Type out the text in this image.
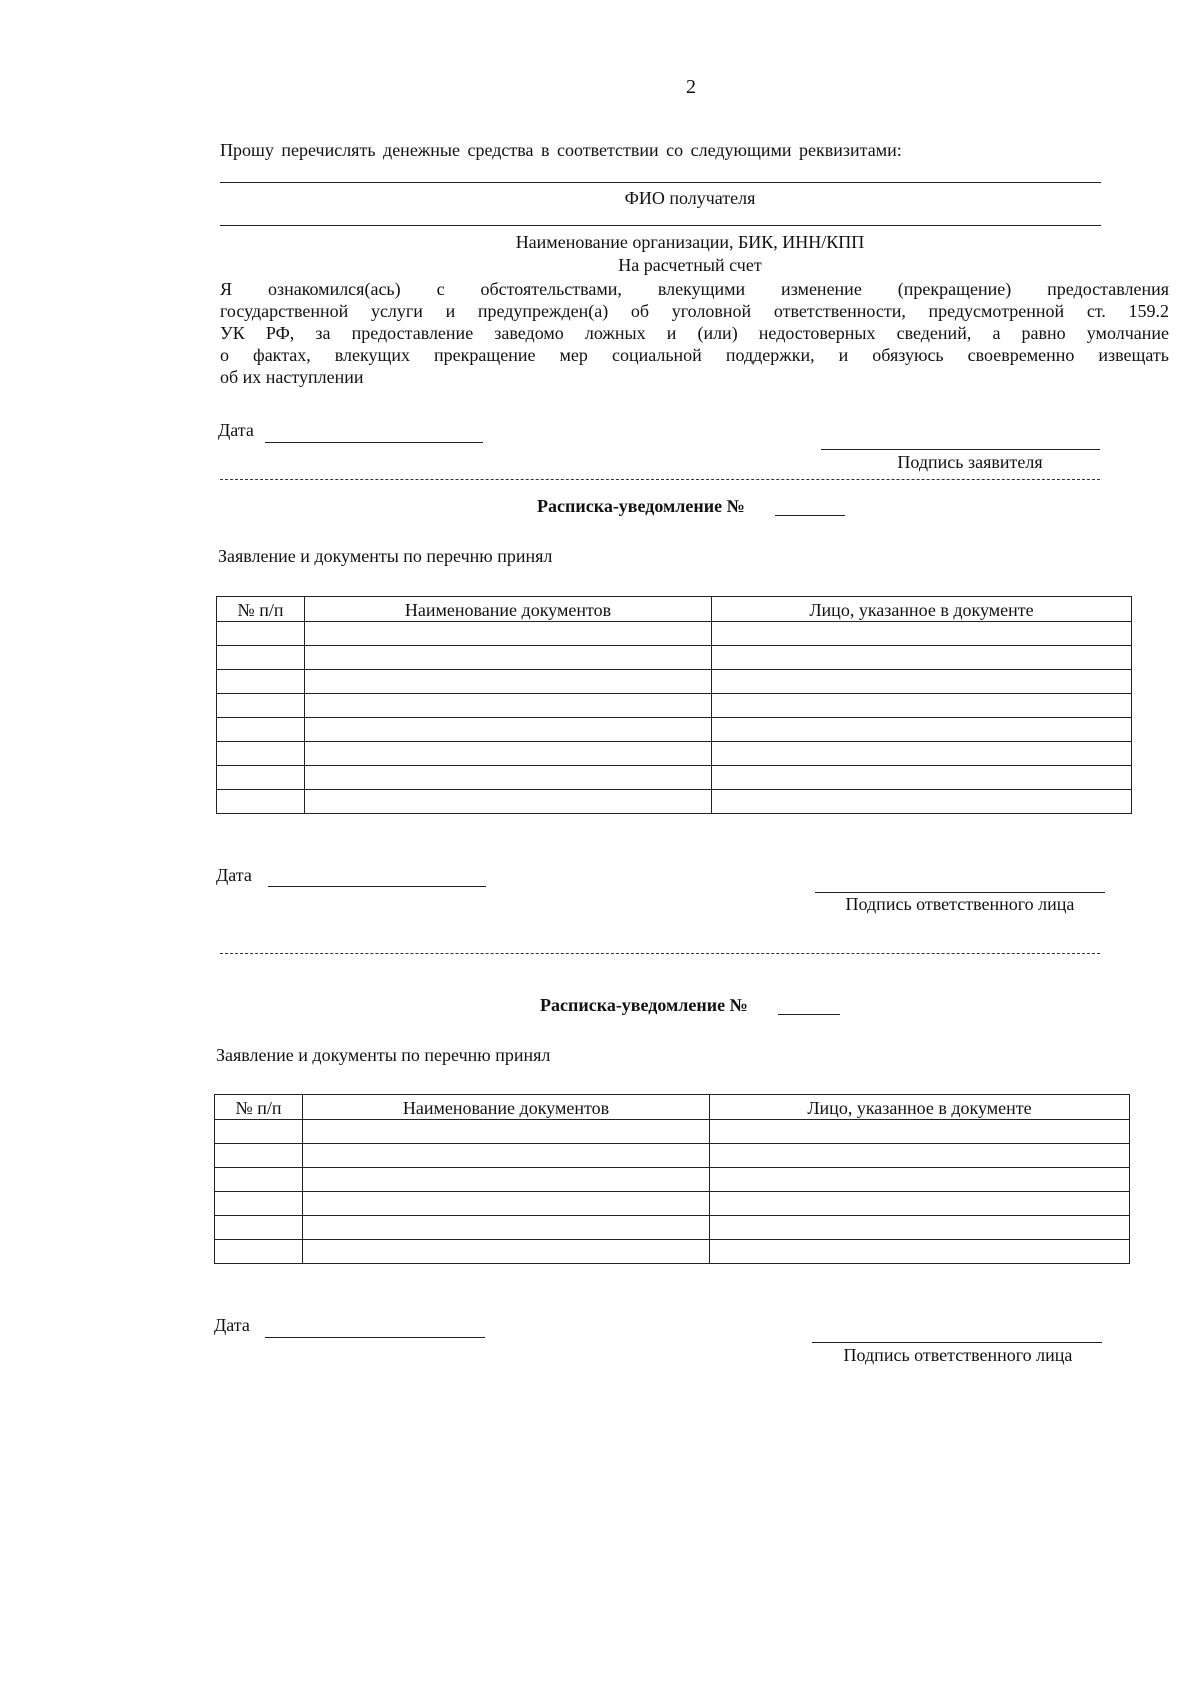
2
Прошу перечислять денежные средства в соответствии со следующими реквизитами:
ФИО получателя
Наименование организации, БИК, ИНН/КПП
На расчетный счет
Я ознакомился(ась) с обстоятельствами, влекущими изменение (прекращение) предоставления
государственной услуги и предупрежден(а) об уголовной ответственности, предусмотренной ст. 159.2
УК РФ, за предоставление заведомо ложных и (или) недостоверных сведений, а равно умолчание
о фактах, влекущих прекращение мер социальной поддержки, и обязуюсь своевременно извещать
об их наступлении
Дата
Подпись заявителя
Расписка-уведомление №
Заявление и документы по перечню принял
№ п/п	Наименование документов	Лицо, указанное в документе

Дата
Подпись ответственного лица
Расписка-уведомление №
Заявление и документы по перечню принял
№ п/п	Наименование документов	Лицо, указанное в документе

Дата
Подпись ответственного лица
